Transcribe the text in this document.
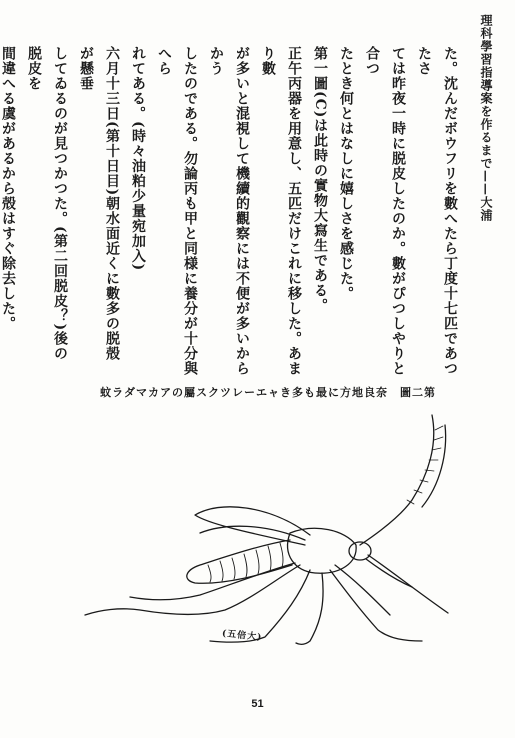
理科學習指導案を作るまで——大浦

た。沈んだボウフリを數へたら丁度十七匹であつたさ

ては昨夜一時に脱皮したのか。數がぴつしやりと合つ

たとき何とはなしに嬉しさを感じた。

第一圖(C)は此時の實物大寫生である。

正午丙器を用意し、五匹だけこれに移した。あまり數

が多いと混視して機續的觀察には不便が多いからかう

したのである。勿論丙も甲と同様に養分が十分與へら

れてある。(時々油粕少量宛加入)

六月十三日(第十日目)朝水面近くに數多の脱殻が懸垂

してゐるのが見つかつた。(第二回脱皮？)後の脱皮を

間違へる虞があるから殻はすぐ除去した。

第二圖　奈良地方に最も多きャエーレツクス屬のアカマダラ蚊
(五倍大)
51
